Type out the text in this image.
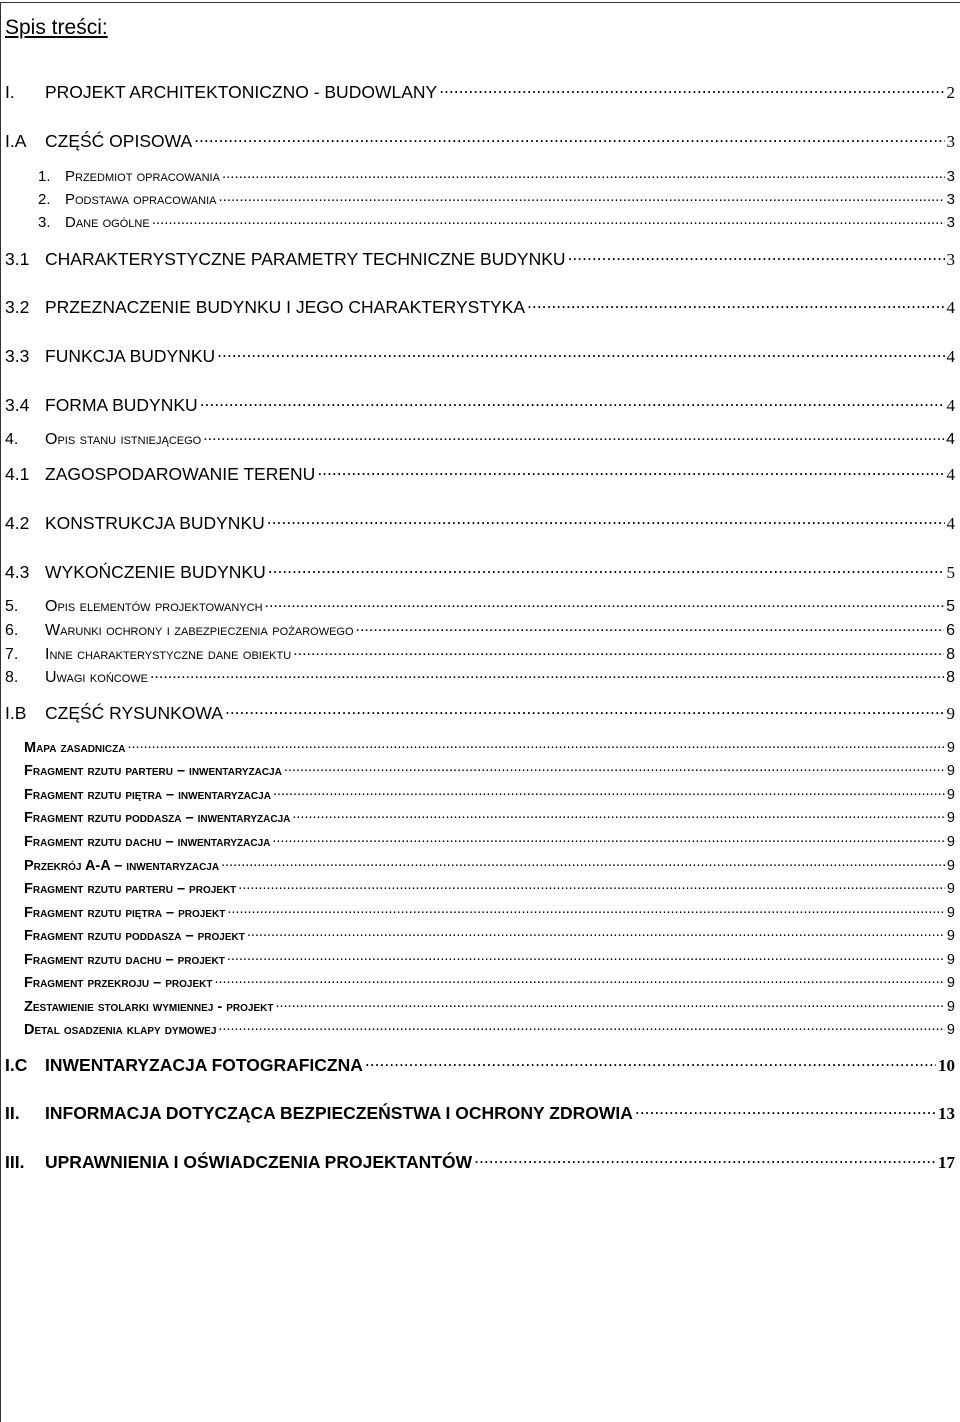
Spis treści:
I.	PROJEKT ARCHITEKTONICZNO - BUDOWLANY .....	2
I.A	CZĘŚĆ OPISOWA .....	3
1. Przedmiot opracowania .....	3
2. Podstawa opracowania .....	3
3. Dane ogólne .....	3
3.1 CHARAKTERYSTYCZNE PARAMETRY TECHNICZNE BUDYNKU .....	3
3.2 PRZEZNACZENIE BUDYNKU I JEGO CHARAKTERYSTYKA .....	4
3.3 FUNKCJA BUDYNKU .....	4
3.4 FORMA BUDYNKU .....	4
4.	Opis stanu istniejącego .....	4
4.1 ZAGOSPODAROWANIE TERENU .....	4
4.2 KONSTRUKCJA BUDYNKU .....	4
4.3 WYKOŃCZENIE BUDYNKU .....	5
5.	Opis elementów projektowanych .....	5
6.	Warunki ochrony i zabezpieczenia pożarowego .....	6
7.	Inne charakterystyczne dane obiektu .....	8
8.	Uwagi końcowe .....	8
I.B	CZĘŚĆ RYSUNKOWA .....	9
Mapa zasadnicza .....	9
Fragment rzutu parteru – inwentaryzacja .....	9
Fragment rzutu piętra – inwentaryzacja .....	9
Fragment rzutu poddasza – inwentaryzacja .....	9
Fragment rzutu dachu – inwentaryzacja .....	9
Przekrój A-A – inwentaryzacja .....	9
Fragment rzutu parteru – projekt .....	9
Fragment rzutu piętra – projekt .....	9
Fragment rzutu poddasza – projekt .....	9
Fragment rzutu dachu – projekt .....	9
Fragment przekroju – projekt .....	9
Zestawienie stolarki wymiennej - projekt .....	9
Detal osadzenia klapy dymowej .....	9
I.C	INWENTARYZACJA FOTOGRAFICZNA .....	10
II.	INFORMACJA DOTYCZĄCA BEZPIECZEŃSTWA I OCHRONY ZDROWIA .....	13
III.	UPRAWNIENIA I OŚWIADCZENIA PROJEKTANTÓW .....	17
